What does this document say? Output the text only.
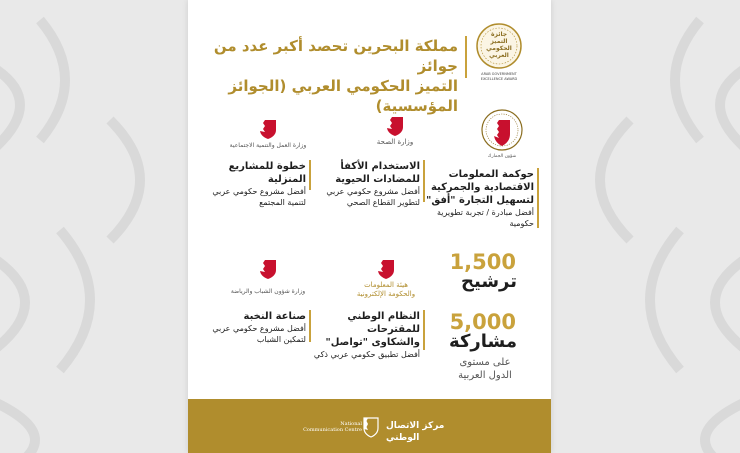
جائزة
التميز
الحكومي
العربي
ARAB GOVERNMENT
EXCELLENCE AWARD
مملكة البحرين تحصد أكبر عدد من جوائز
التميز الحكومي العربي (الجوائز المؤسسية)
شؤون الجمارك
حوكمة المعلومات
الاقتصادية والجمركية
لتسهيل التجارة "أفق"
أفضل مبادرة / تجربة تطويرية
حكومية
وزارة الصحة
الاستخدام الأكفأ
للمضادات الحيوية
أفضل مشروع حكومي عربي
لتطوير القطاع الصحي
وزارة العمل والتنمية الاجتماعية
خطوة للمشاريع المنزلية
أفضل مشروع حكومي عربي
لتنمية المجتمع
وزارة شؤون الشباب والرياضة
صناعة النخبة
أفضل مشروع حكومي عربي
لتمكين الشباب
هيئة المعلومات
والحكومة الإلكترونية
النظام الوطني للمقترحات
والشكاوى "تواصل"
أفضل تطبيق حكومي عربي ذكي
1,500
ترشيح
5,000
مشاركة
على مستوى
الدول العربية
National
Communication Centre	مركز الاتصال الوطني
